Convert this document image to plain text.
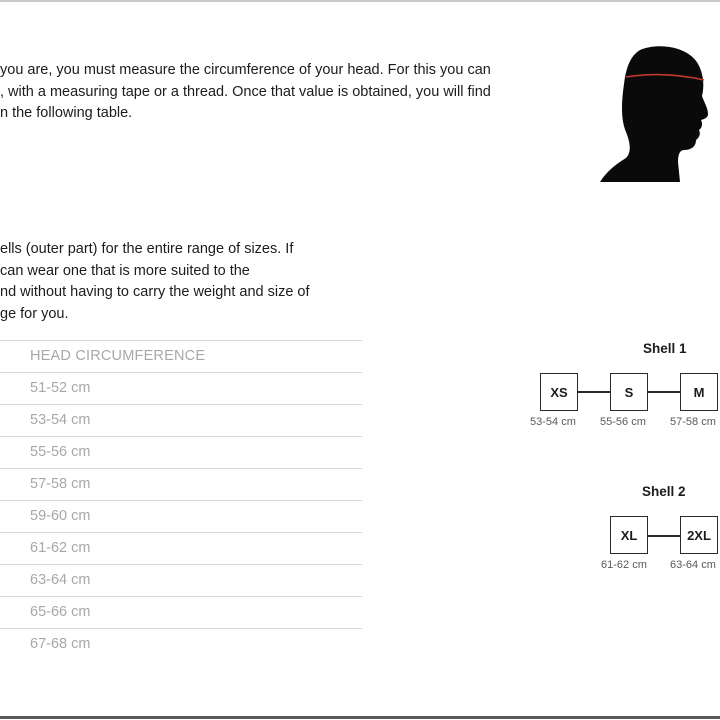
you are, you must measure the circumference of your head. For this you can
, with a measuring tape or a thread. Once that value is obtained, you will find
n the following table.
ells (outer part) for the entire range of sizes. If
can wear one that is more suited to the
nd without having to carry the weight and size of
ge for you.
HEAD CIRCUMFERENCE
51-52 cm
53-54 cm
55-56 cm
57-58 cm
59-60 cm
61-62 cm
63-64 cm
65-66 cm
67-68 cm
Shell 1
XS	S	M
53-54 cm 55-56 cm 57-58 cm
Shell 2
XL	2XL
61-62 cm 63-64 cm
